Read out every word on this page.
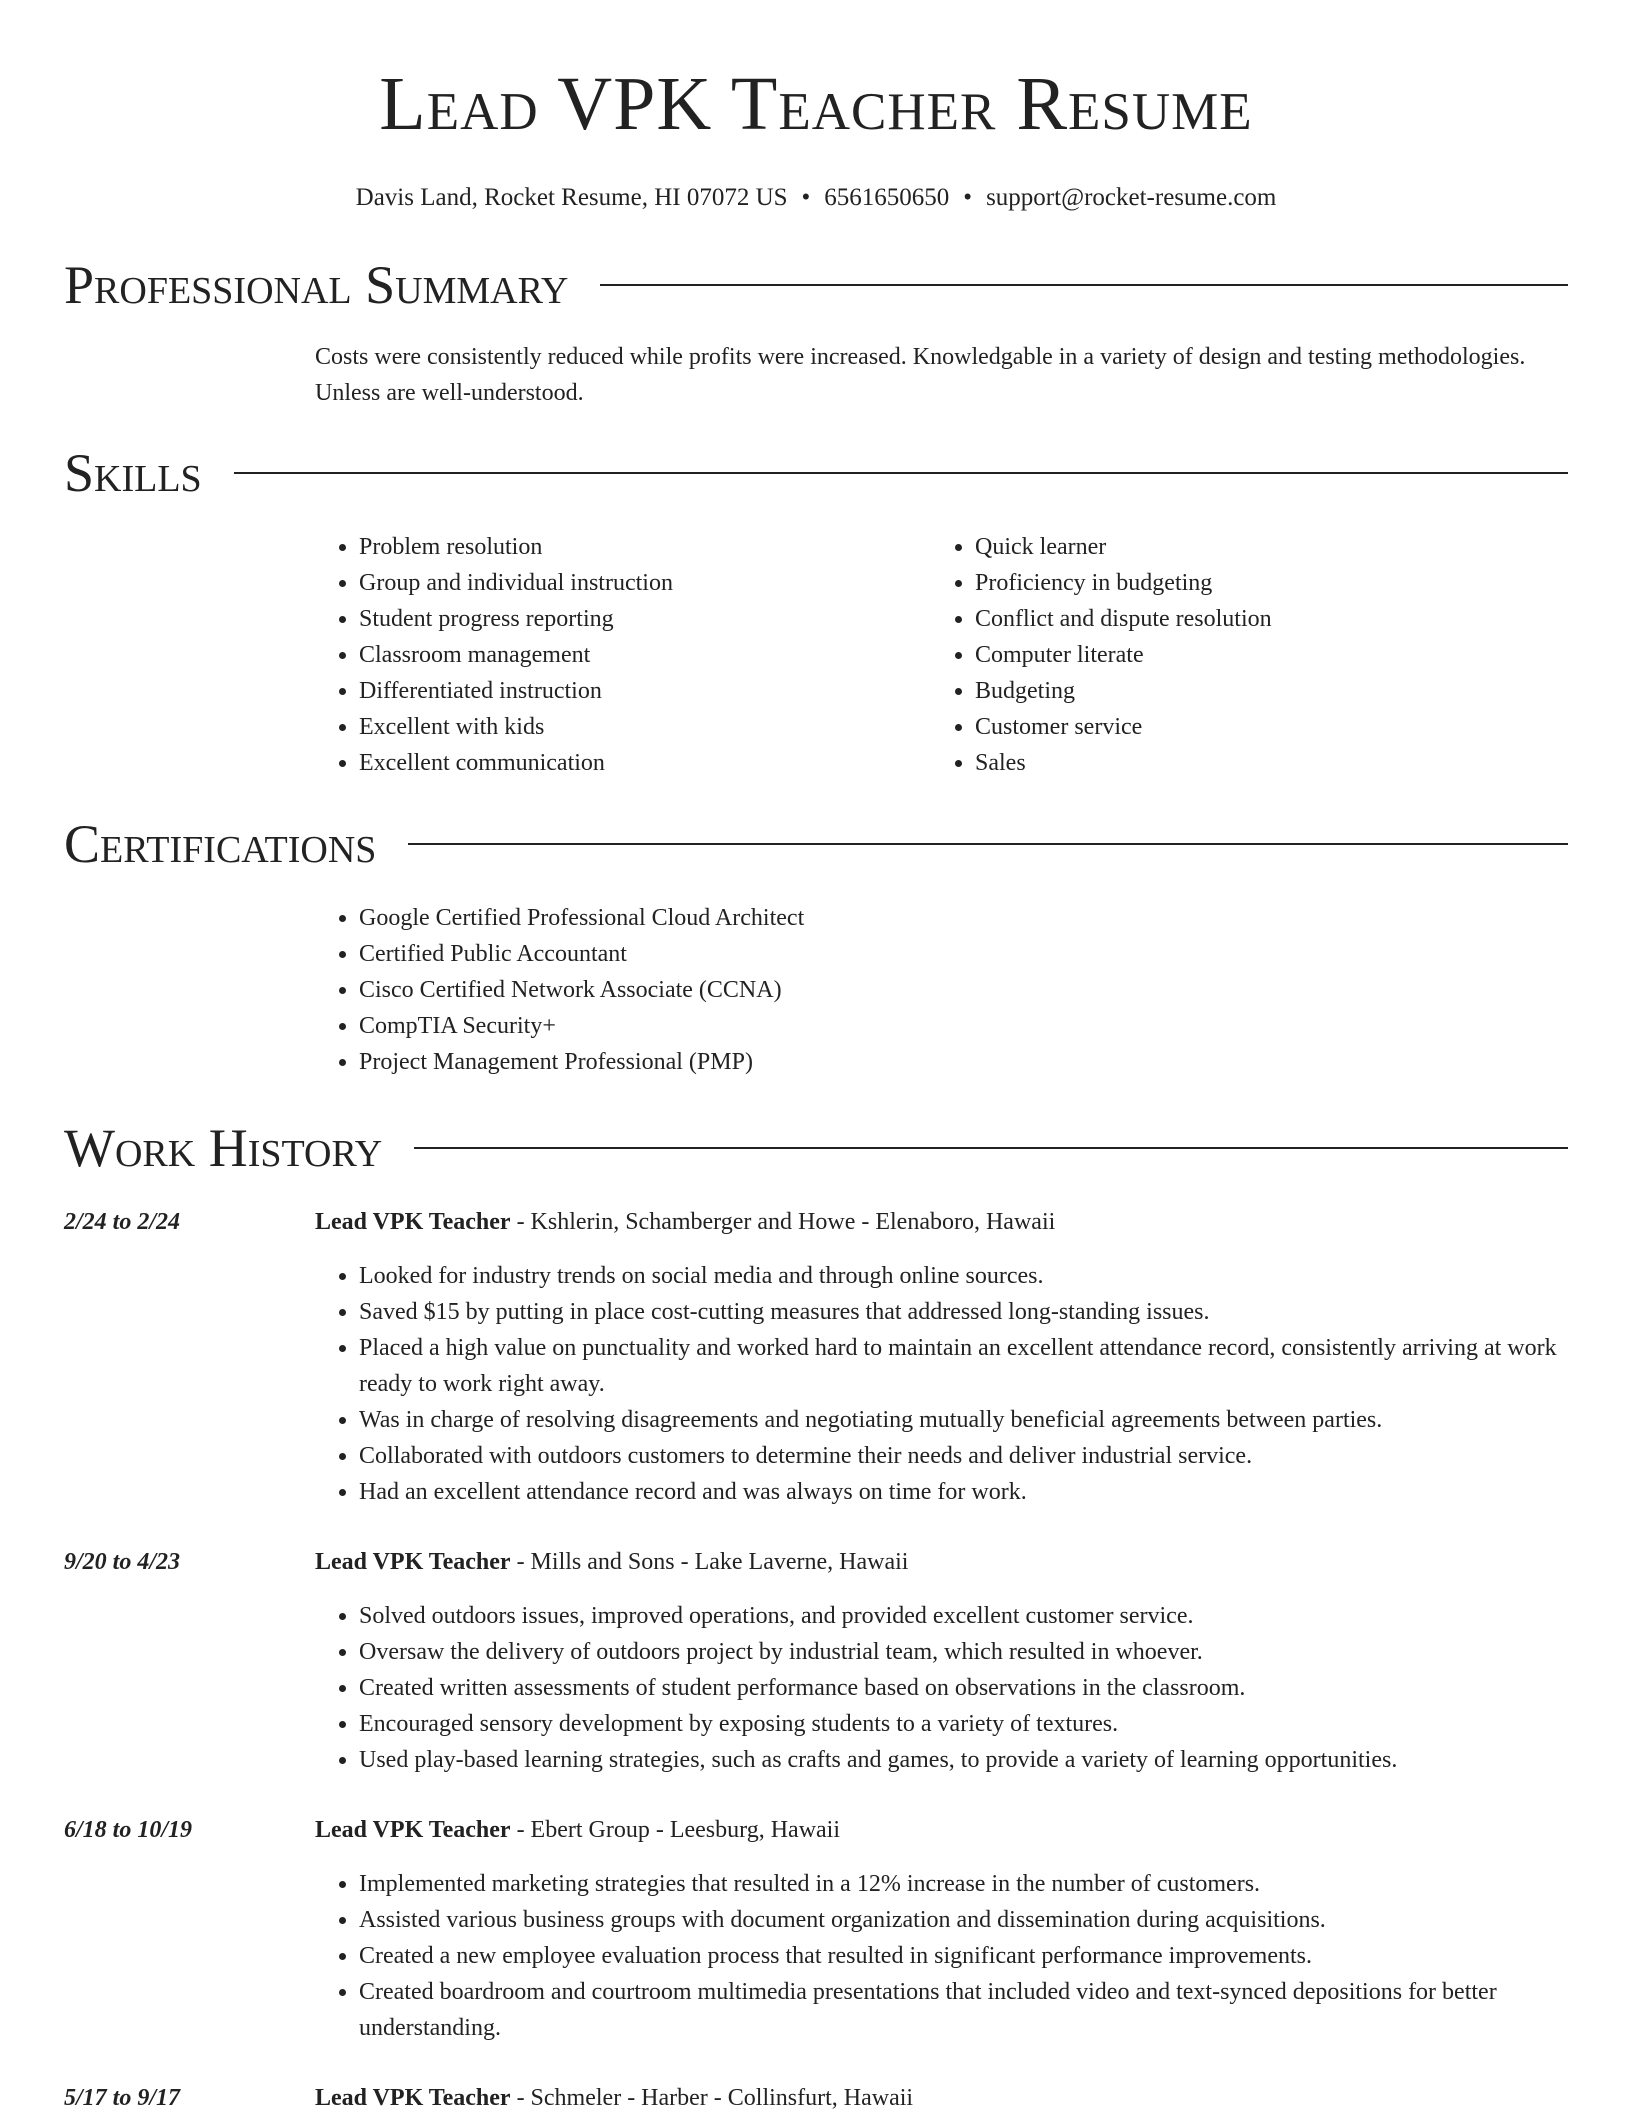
Lead VPK Teacher Resume
Davis Land, Rocket Resume, HI 07072 US • 6561650650 • support@rocket-resume.com
Professional Summary

Costs were consistently reduced while profits were increased. Knowledgable in a variety of design and testing methodologies. Unless are well-understood.

Skills
• Problem resolution
• Group and individual instruction
• Student progress reporting
• Classroom management
• Differentiated instruction
• Excellent with kids
• Excellent communication
• Quick learner
• Proficiency in budgeting
• Conflict and dispute resolution
• Computer literate
• Budgeting
• Customer service
• Sales
Certifications
• Google Certified Professional Cloud Architect
• Certified Public Accountant
• Cisco Certified Network Associate (CCNA)
• CompTIA Security+
• Project Management Professional (PMP)
Work History
2/24 to 2/24	Lead VPK Teacher - Kshlerin, Schamberger and Howe - Elenaboro, Hawaii
• Looked for industry trends on social media and through online sources.
• Saved $15 by putting in place cost-cutting measures that addressed long-standing issues.
• Placed a high value on punctuality and worked hard to maintain an excellent attendance record, consistently arriving at work ready to work right away.
• Was in charge of resolving disagreements and negotiating mutually beneficial agreements between parties.
• Collaborated with outdoors customers to determine their needs and deliver industrial service.
• Had an excellent attendance record and was always on time for work.
9/20 to 4/23	Lead VPK Teacher - Mills and Sons - Lake Laverne, Hawaii
• Solved outdoors issues, improved operations, and provided excellent customer service.
• Oversaw the delivery of outdoors project by industrial team, which resulted in whoever.
• Created written assessments of student performance based on observations in the classroom.
• Encouraged sensory development by exposing students to a variety of textures.
• Used play-based learning strategies, such as crafts and games, to provide a variety of learning opportunities.
6/18 to 10/19	Lead VPK Teacher - Ebert Group - Leesburg, Hawaii
• Implemented marketing strategies that resulted in a 12% increase in the number of customers.
• Assisted various business groups with document organization and dissemination during acquisitions.
• Created a new employee evaluation process that resulted in significant performance improvements.
• Created boardroom and courtroom multimedia presentations that included video and text-synced depositions for better understanding.
5/17 to 9/17	Lead VPK Teacher - Schmeler - Harber - Collinsfurt, Hawaii
